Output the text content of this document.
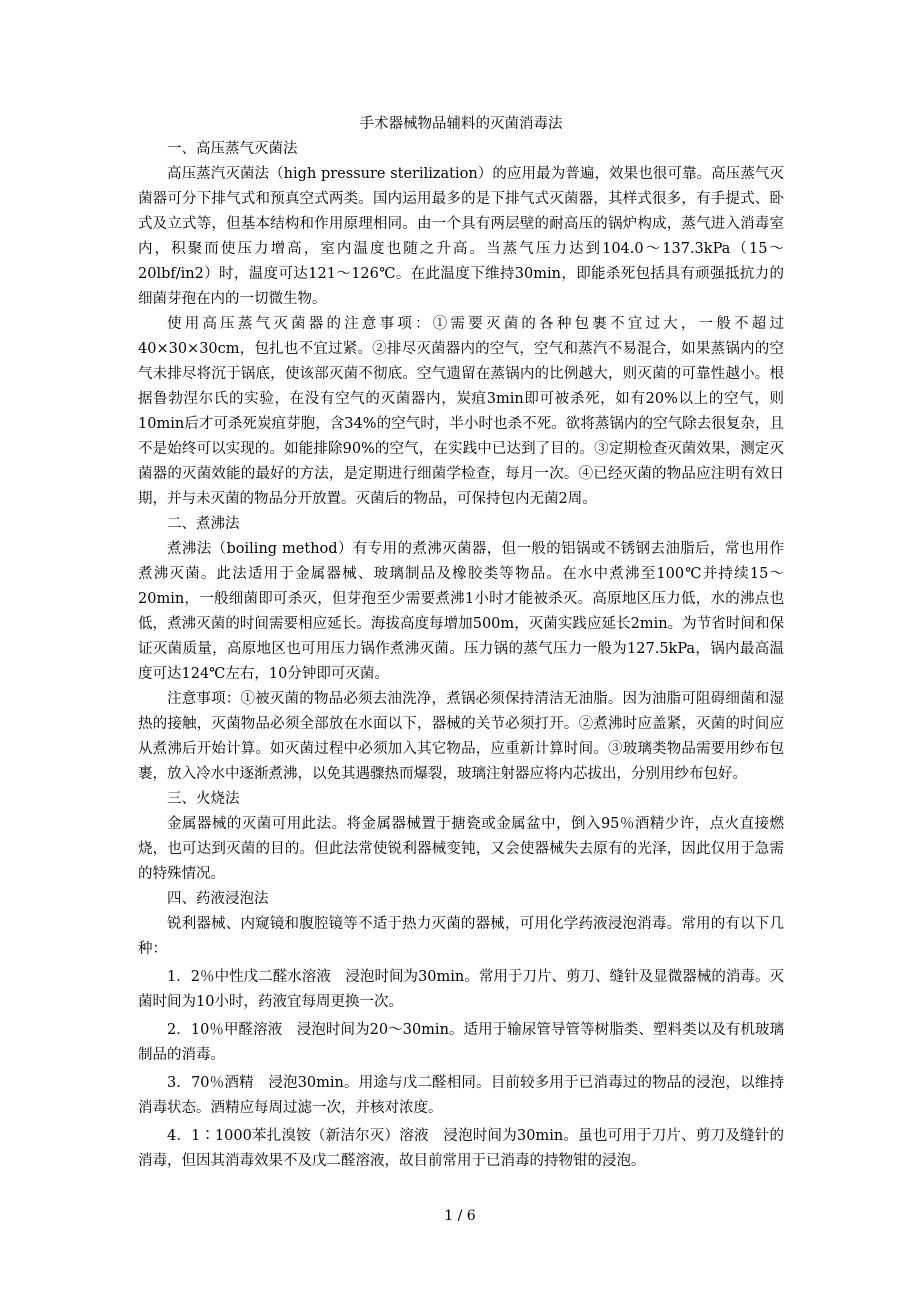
手术器械物品辅料的灭菌消毒法

一、高压蒸气灭菌法

高压蒸汽灭菌法（high pressure sterilization）的应用最为普遍，效果也很可靠。高压蒸气灭菌器可分下排气式和预真空式两类。国内运用最多的是下排气式灭菌器，其样式很多，有手提式、卧式及立式等，但基本结构和作用原理相同。由一个具有两层壁的耐高压的锅炉构成，蒸气进入消毒室内，积聚而使压力增高，室内温度也随之升高。当蒸气压力达到104.0～137.3kPa（15～20lbf/in2）时，温度可达121～126℃。在此温度下维持30min，即能杀死包括具有顽强抵抗力的细菌芽孢在内的一切微生物。

使用高压蒸气灭菌器的注意事项：①需要灭菌的各种包裹不宜过大，一般不超过40×30×30cm，包扎也不宜过紧。②排尽灭菌器内的空气，空气和蒸汽不易混合，如果蒸锅内的空气未排尽将沉于锅底，使该部灭菌不彻底。空气遗留在蒸锅内的比例越大，则灭菌的可靠性越小。根据鲁勃涅尔氏的实验，在没有空气的灭菌器内，炭疽3min即可被杀死，如有20%以上的空气，则10min后才可杀死炭疽芽胞，含34%的空气时，半小时也杀不死。欲将蒸锅内的空气除去很复杂，且不是始终可以实现的。如能排除90%的空气，在实践中已达到了目的。③定期检查灭菌效果，测定灭菌器的灭菌效能的最好的方法，是定期进行细菌学检查，每月一次。④已经灭菌的物品应注明有效日期，并与未灭菌的物品分开放置。灭菌后的物品，可保持包内无菌2周。

二、煮沸法

煮沸法（boiling method）有专用的煮沸灭菌器，但一般的铝锅或不锈钢去油脂后，常也用作煮沸灭菌。此法适用于金属器械、玻璃制品及橡胶类等物品。在水中煮沸至100℃并持续15～20min，一般细菌即可杀灭，但芽孢至少需要煮沸1小时才能被杀灭。高原地区压力低，水的沸点也低，煮沸灭菌的时间需要相应延长。海拔高度每增加500m，灭菌实践应延长2min。为节省时间和保证灭菌质量，高原地区也可用压力锅作煮沸灭菌。压力锅的蒸气压力一般为127.5kPa，锅内最高温度可达124℃左右，10分钟即可灭菌。

注意事项：①被灭菌的物品必须去油洗净，煮锅必须保持清洁无油脂。因为油脂可阻碍细菌和湿热的接触，灭菌物品必须全部放在水面以下，器械的关节必须打开。②煮沸时应盖紧，灭菌的时间应从煮沸后开始计算。如灭菌过程中必须加入其它物品，应重新计算时间。③玻璃类物品需要用纱布包裹，放入冷水中逐渐煮沸，以免其遇骤热而爆裂，玻璃注射器应将内芯拔出，分别用纱布包好。

三、火烧法

金属器械的灭菌可用此法。将金属器械置于搪瓷或金属盆中，倒入95％酒精少许，点火直接燃烧，也可达到灭菌的目的。但此法常使锐利器械变钝，又会使器械失去原有的光泽，因此仅用于急需的特殊情况。

四、药液浸泡法

锐利器械、内窥镜和腹腔镜等不适于热力灭菌的器械，可用化学药液浸泡消毒。常用的有以下几种：

1．2％中性戊二醛水溶液　浸泡时间为30min。常用于刀片、剪刀、缝针及显微器械的消毒。灭菌时间为10小时，药液宜每周更换一次。

2．10％甲醛溶液　浸泡时间为20～30min。适用于输尿管导管等树脂类、塑料类以及有机玻璃制品的消毒。

3．70％酒精　浸泡30min。用途与戊二醛相同。目前较多用于已消毒过的物品的浸泡，以维持消毒状态。酒精应每周过滤一次，并核对浓度。

4．1∶1000苯扎溴铵（新洁尔灭）溶液　浸泡时间为30min。虽也可用于刀片、剪刀及缝针的消毒，但因其消毒效果不及戊二醛溶液，故目前常用于已消毒的持物钳的浸泡。

1 / 6
